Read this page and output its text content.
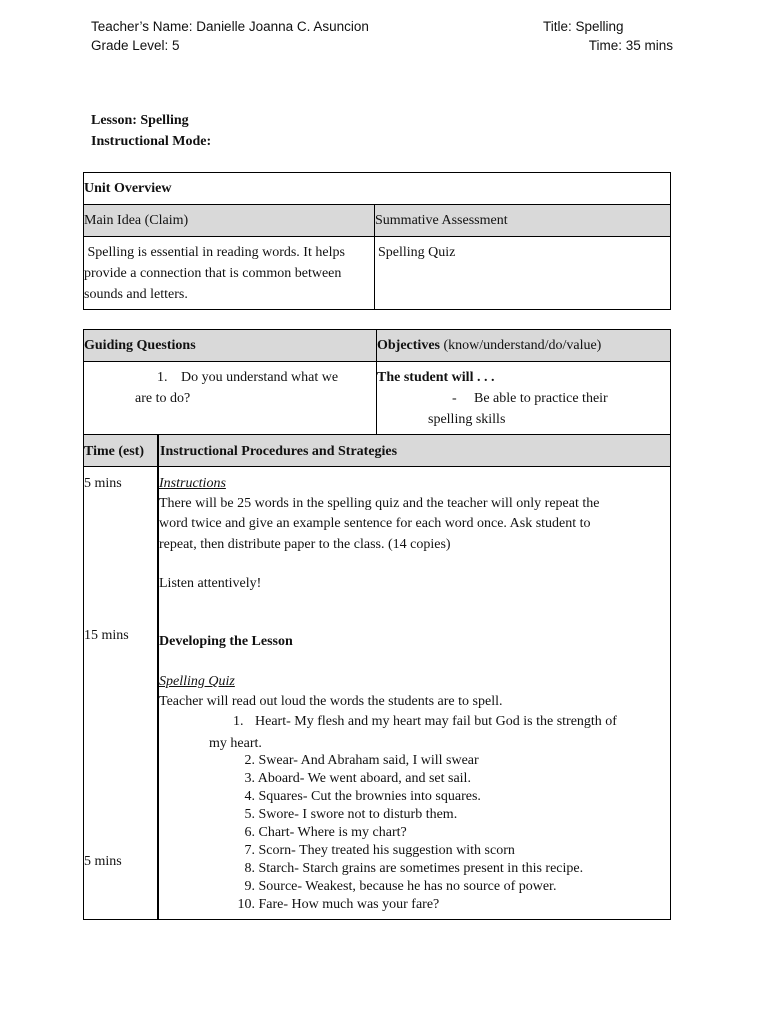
Teacher’s Name: Danielle Joanna C. Asuncion
Grade Level: 5
Title: Spelling
Time: 35 mins
Lesson: Spelling
Instructional Mode:
Unit Overview
Main Idea (Claim)	Summative Assessment
Spelling is essential in reading words. It helps
provide a connection that is common between
sounds and letters.
Spelling Quiz
Guiding Questions	Objectives (know/understand/do/value)
1. Do you understand what we
are to do?
The student will . . .
- Be able to practice their
spelling skills
Time (est) Instructional Procedures and Strategies
5 mins
15 mins
5 mins
Instructions
There will be 25 words in the spelling quiz and the teacher will only repeat the
word twice and give an example sentence for each word once. Ask student to
repeat, then distribute paper to the class. (14 copies)
Listen attentively!
Developing the Lesson
Spelling Quiz
Teacher will read out loud the words the students are to spell.
1. Heart- My flesh and my heart may fail but God is the strength of
my heart.
2. Swear- And Abraham said, I will swear
3. Aboard- We went aboard, and set sail.
4. Squares- Cut the brownies into squares.
5. Swore- I swore not to disturb them.
6. Chart- Where is my chart?
7. Scorn- They treated his suggestion with scorn
8. Starch- Starch grains are sometimes present in this recipe.
9. Source- Weakest, because he has no source of power.
10. Fare- How much was your fare?
